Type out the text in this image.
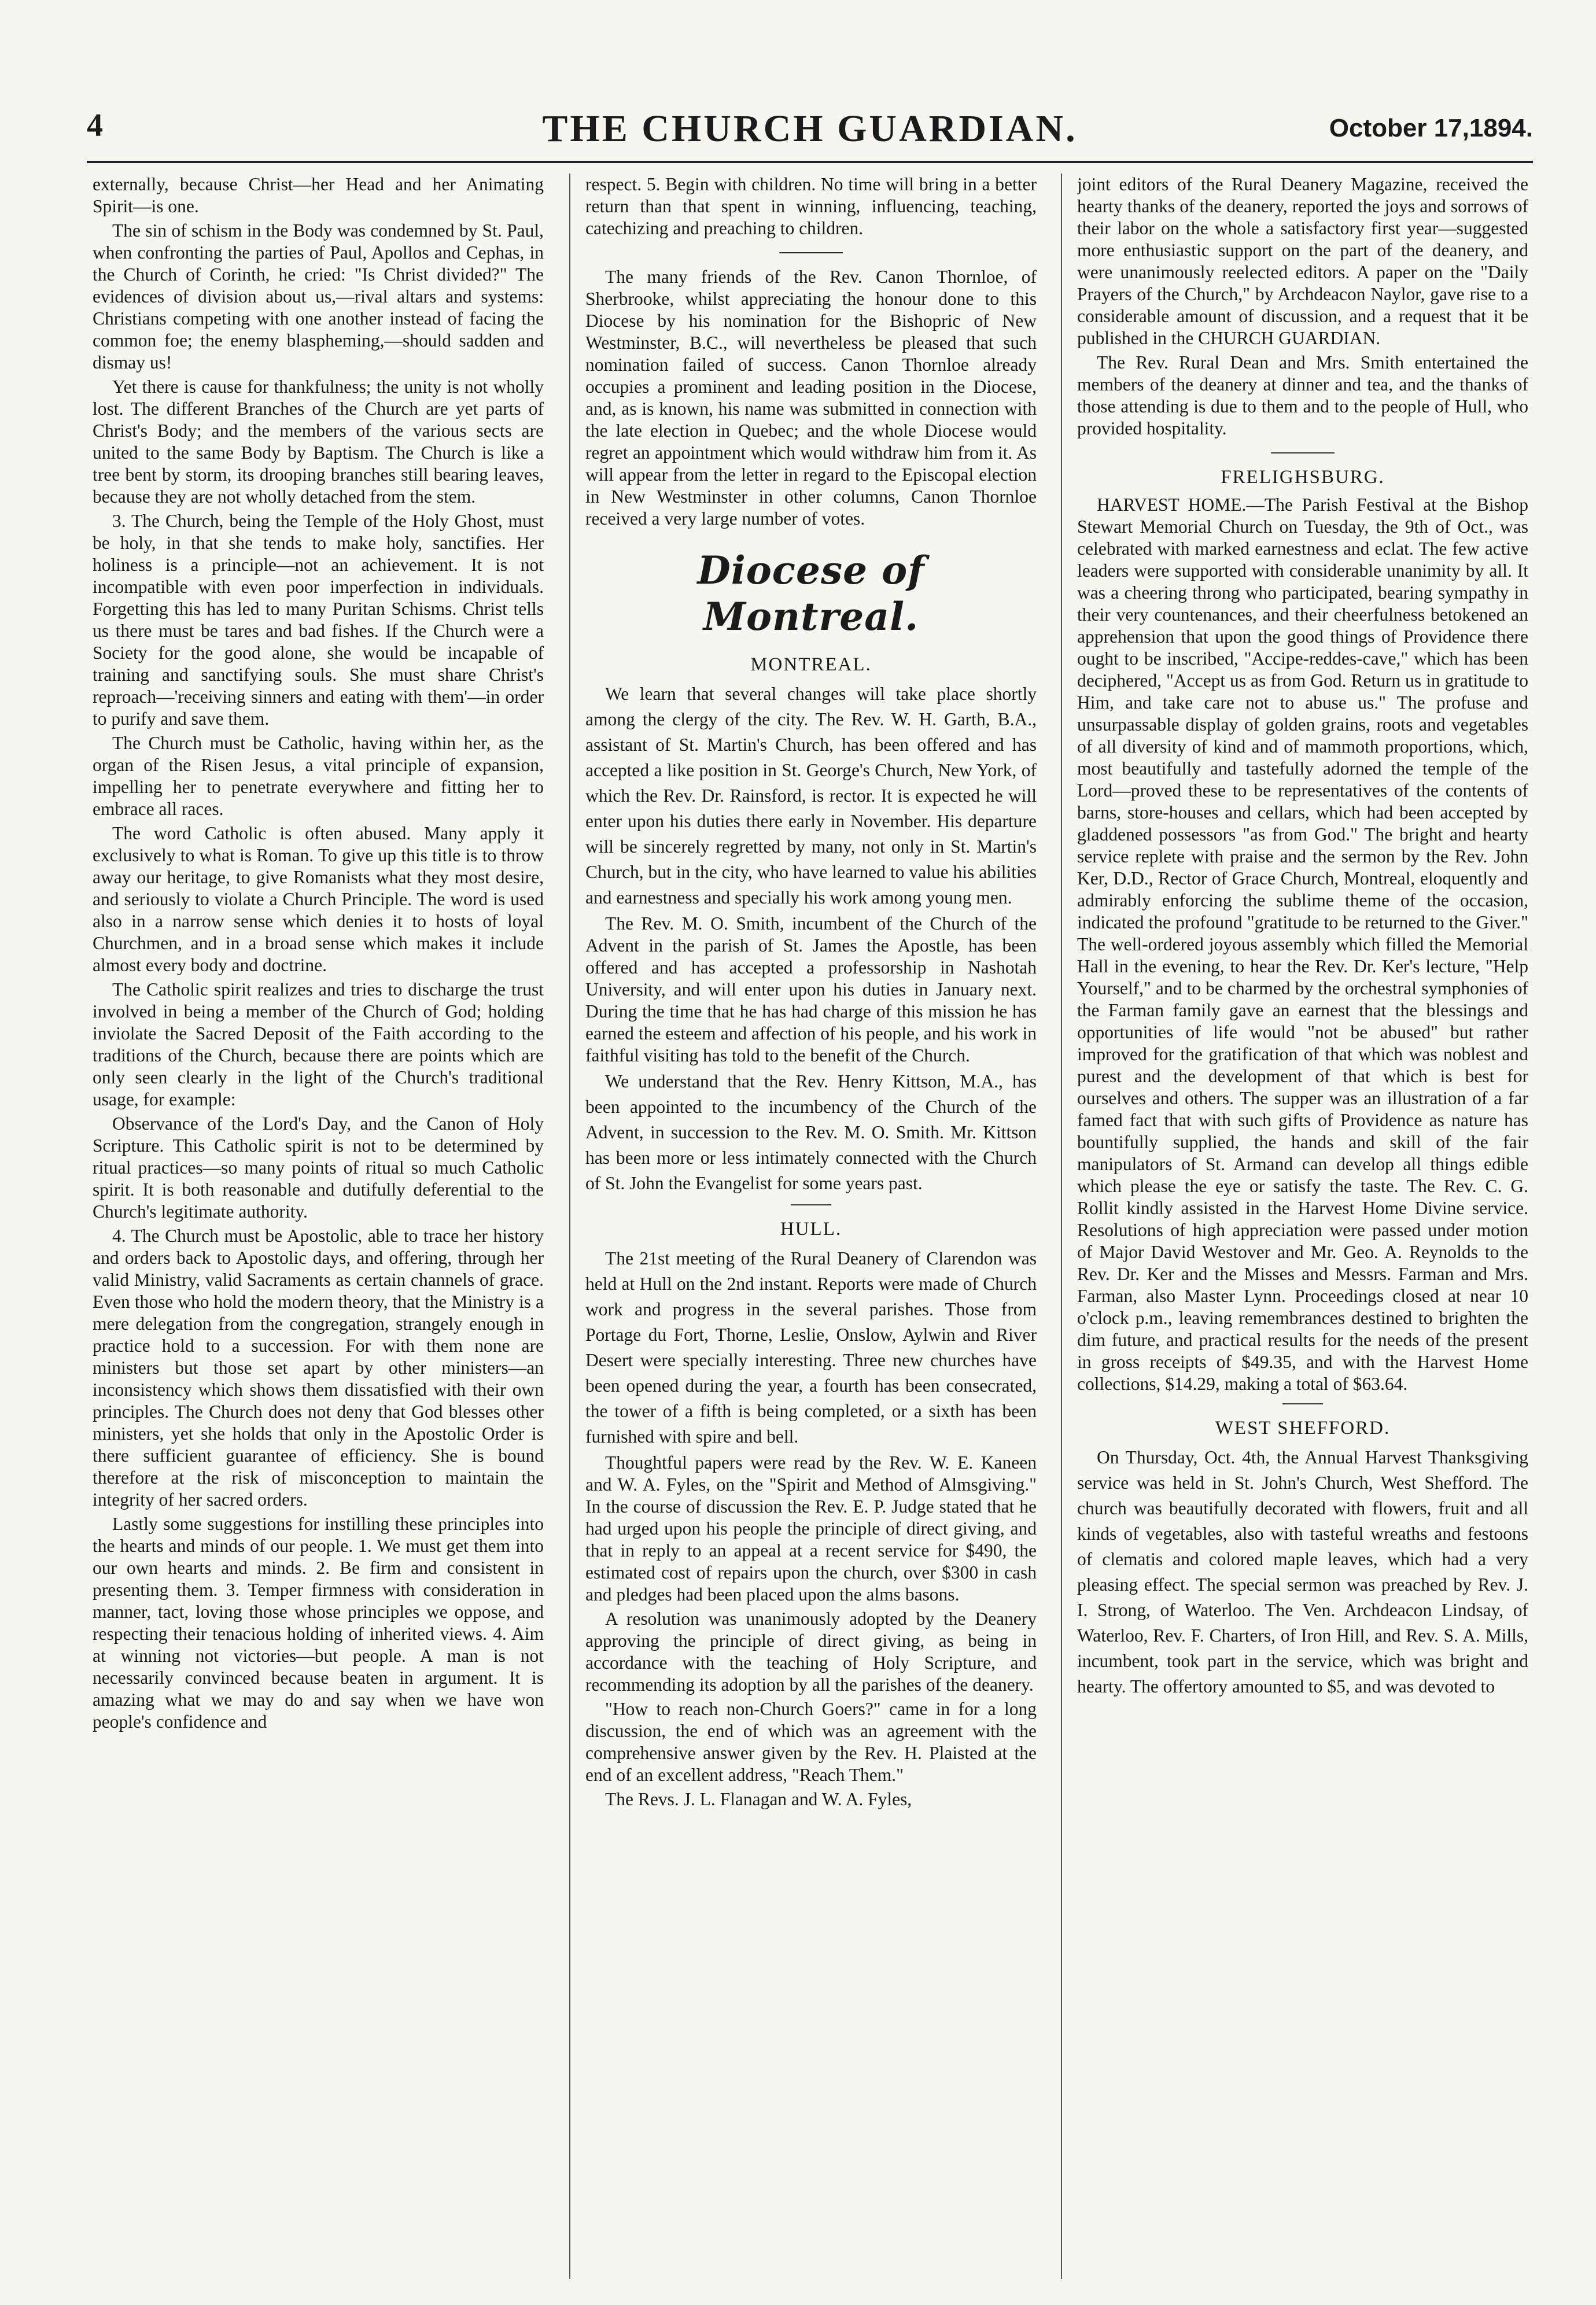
4	THE CHURCH GUARDIAN.	October 17,1894.

externally, because Christ—her Head and her Animating Spirit—is one.

The sin of schism in the Body was condemned by St. Paul, when confronting the parties of Paul, Apollos and Cephas, in the Church of Corinth, he cried: "Is Christ divided?" The evidences of division about us,—rival altars and systems: Christians competing with one another instead of facing the common foe; the enemy blaspheming,—should sadden and dismay us!

Yet there is cause for thankfulness; the unity is not wholly lost. The different Branches of the Church are yet parts of Christ's Body; and the members of the various sects are united to the same Body by Baptism. The Church is like a tree bent by storm, its drooping branches still bearing leaves, because they are not wholly detached from the stem.

3. The Church, being the Temple of the Holy Ghost, must be holy, in that she tends to make holy, sanctifies. Her holiness is a principle—not an achievement. It is not incompatible with even poor imperfection in individuals. Forgetting this has led to many Puritan Schisms. Christ tells us there must be tares and bad fishes. If the Church were a Society for the good alone, she would be incapable of training and sanctifying souls. She must share Christ's reproach—'receiving sinners and eating with them'—in order to purify and save them.

The Church must be Catholic, having within her, as the organ of the Risen Jesus, a vital principle of expansion, impelling her to penetrate everywhere and fitting her to embrace all races.

The word Catholic is often abused. Many apply it exclusively to what is Roman. To give up this title is to throw away our heritage, to give Romanists what they most desire, and seriously to violate a Church Principle. The word is used also in a narrow sense which denies it to hosts of loyal Churchmen, and in a broad sense which makes it include almost every body and doctrine.

The Catholic spirit realizes and tries to discharge the trust involved in being a member of the Church of God; holding inviolate the Sacred Deposit of the Faith according to the traditions of the Church, because there are points which are only seen clearly in the light of the Church's traditional usage, for example:

Observance of the Lord's Day, and the Canon of Holy Scripture. This Catholic spirit is not to be determined by ritual practices—so many points of ritual so much Catholic spirit. It is both reasonable and dutifully deferential to the Church's legitimate authority.

4. The Church must be Apostolic, able to trace her history and orders back to Apostolic days, and offering, through her valid Ministry, valid Sacraments as certain channels of grace. Even those who hold the modern theory, that the Ministry is a mere delegation from the congregation, strangely enough in practice hold to a succession. For with them none are ministers but those set apart by other ministers—an inconsistency which shows them dissatisfied with their own principles. The Church does not deny that God blesses other ministers, yet she holds that only in the Apostolic Order is there sufficient guarantee of efficiency. She is bound therefore at the risk of misconception to maintain the integrity of her sacred orders.

Lastly some suggestions for instilling these principles into the hearts and minds of our people. 1. We must get them into our own hearts and minds. 2. Be firm and consistent in presenting them. 3. Temper firmness with consideration in manner, tact, loving those whose principles we oppose, and respecting their tenacious holding of inherited views. 4. Aim at winning not victories—but people. A man is not necessarily convinced because beaten in argument. It is amazing what we may do and say when we have won people's confidence and

respect. 5. Begin with children. No time will bring in a better return than that spent in winning, influencing, teaching, catechizing and preaching to children.

The many friends of the Rev. Canon Thornloe, of Sherbrooke, whilst appreciating the honour done to this Diocese by his nomination for the Bishopric of New Westminster, B.C., will nevertheless be pleased that such nomination failed of success. Canon Thornloe already occupies a prominent and leading position in the Diocese, and, as is known, his name was submitted in connection with the late election in Quebec; and the whole Diocese would regret an appointment which would withdraw him from it. As will appear from the letter in regard to the Episcopal election in New Westminster in other columns, Canon Thornloe received a very large number of votes.

Diocese of Montreal.
MONTREAL.

We learn that several changes will take place shortly among the clergy of the city. The Rev. W. H. Garth, B.A., assistant of St. Martin's Church, has been offered and has accepted a like position in St. George's Church, New York, of which the Rev. Dr. Rainsford, is rector. It is expected he will enter upon his duties there early in November. His departure will be sincerely regretted by many, not only in St. Martin's Church, but in the city, who have learned to value his abilities and earnestness and specially his work among young men.

The Rev. M. O. Smith, incumbent of the Church of the Advent in the parish of St. James the Apostle, has been offered and has accepted a professorship in Nashotah University, and will enter upon his duties in January next. During the time that he has had charge of this mission he has earned the esteem and affection of his people, and his work in faithful visiting has told to the benefit of the Church.

We understand that the Rev. Henry Kittson, M.A., has been appointed to the incumbency of the Church of the Advent, in succession to the Rev. M. O. Smith. Mr. Kittson has been more or less intimately connected with the Church of St. John the Evangelist for some years past.

HULL.

The 21st meeting of the Rural Deanery of Clarendon was held at Hull on the 2nd instant. Reports were made of Church work and progress in the several parishes. Those from Portage du Fort, Thorne, Leslie, Onslow, Aylwin and River Desert were specially interesting. Three new churches have been opened during the year, a fourth has been consecrated, the tower of a fifth is being completed, or a sixth has been furnished with spire and bell.

Thoughtful papers were read by the Rev. W. E. Kaneen and W. A. Fyles, on the "Spirit and Method of Almsgiving." In the course of discussion the Rev. E. P. Judge stated that he had urged upon his people the principle of direct giving, and that in reply to an appeal at a recent service for $490, the estimated cost of repairs upon the church, over $300 in cash and pledges had been placed upon the alms basons.

A resolution was unanimously adopted by the Deanery approving the principle of direct giving, as being in accordance with the teaching of Holy Scripture, and recommending its adoption by all the parishes of the deanery.

"How to reach non-Church Goers?" came in for a long discussion, the end of which was an agreement with the comprehensive answer given by the Rev. H. Plaisted at the end of an excellent address, "Reach Them."

The Revs. J. L. Flanagan and W. A. Fyles,

joint editors of the Rural Deanery Magazine, received the hearty thanks of the deanery, reported the joys and sorrows of their labor on the whole a satisfactory first year—suggested more enthusiastic support on the part of the deanery, and were unanimously reelected editors. A paper on the "Daily Prayers of the Church," by Archdeacon Naylor, gave rise to a considerable amount of discussion, and a request that it be published in the CHURCH GUARDIAN.

The Rev. Rural Dean and Mrs. Smith entertained the members of the deanery at dinner and tea, and the thanks of those attending is due to them and to the people of Hull, who provided hospitality.

FRELIGHSBURG.

HARVEST HOME.—The Parish Festival at the Bishop Stewart Memorial Church on Tuesday, the 9th of Oct., was celebrated with marked earnestness and eclat. The few active leaders were supported with considerable unanimity by all. It was a cheering throng who participated, bearing sympathy in their very countenances, and their cheerfulness betokened an apprehension that upon the good things of Providence there ought to be inscribed, "Accipe-reddes-cave," which has been deciphered, "Accept us as from God. Return us in gratitude to Him, and take care not to abuse us." The profuse and unsurpassable display of golden grains, roots and vegetables of all diversity of kind and of mammoth proportions, which, most beautifully and tastefully adorned the temple of the Lord—proved these to be representatives of the contents of barns, store-houses and cellars, which had been accepted by gladdened possessors "as from God." The bright and hearty service replete with praise and the sermon by the Rev. John Ker, D.D., Rector of Grace Church, Montreal, eloquently and admirably enforcing the sublime theme of the occasion, indicated the profound "gratitude to be returned to the Giver." The well-ordered joyous assembly which filled the Memorial Hall in the evening, to hear the Rev. Dr. Ker's lecture, "Help Yourself," and to be charmed by the orchestral symphonies of the Farman family gave an earnest that the blessings and opportunities of life would "not be abused" but rather improved for the gratification of that which was noblest and purest and the development of that which is best for ourselves and others. The supper was an illustration of a far famed fact that with such gifts of Providence as nature has bountifully supplied, the hands and skill of the fair manipulators of St. Armand can develop all things edible which please the eye or satisfy the taste. The Rev. C. G. Rollit kindly assisted in the Harvest Home Divine service. Resolutions of high appreciation were passed under motion of Major David Westover and Mr. Geo. A. Reynolds to the Rev. Dr. Ker and the Misses and Messrs. Farman and Mrs. Farman, also Master Lynn. Proceedings closed at near 10 o'clock p.m., leaving remembrances destined to brighten the dim future, and practical results for the needs of the present in gross receipts of $49.35, and with the Harvest Home collections, $14.29, making a total of $63.64.

WEST SHEFFORD.

On Thursday, Oct. 4th, the Annual Harvest Thanksgiving service was held in St. John's Church, West Shefford. The church was beautifully decorated with flowers, fruit and all kinds of vegetables, also with tasteful wreaths and festoons of clematis and colored maple leaves, which had a very pleasing effect. The special sermon was preached by Rev. J. I. Strong, of Waterloo. The Ven. Archdeacon Lindsay, of Waterloo, Rev. F. Charters, of Iron Hill, and Rev. S. A. Mills, incumbent, took part in the service, which was bright and hearty. The offertory amounted to $5, and was devoted to
